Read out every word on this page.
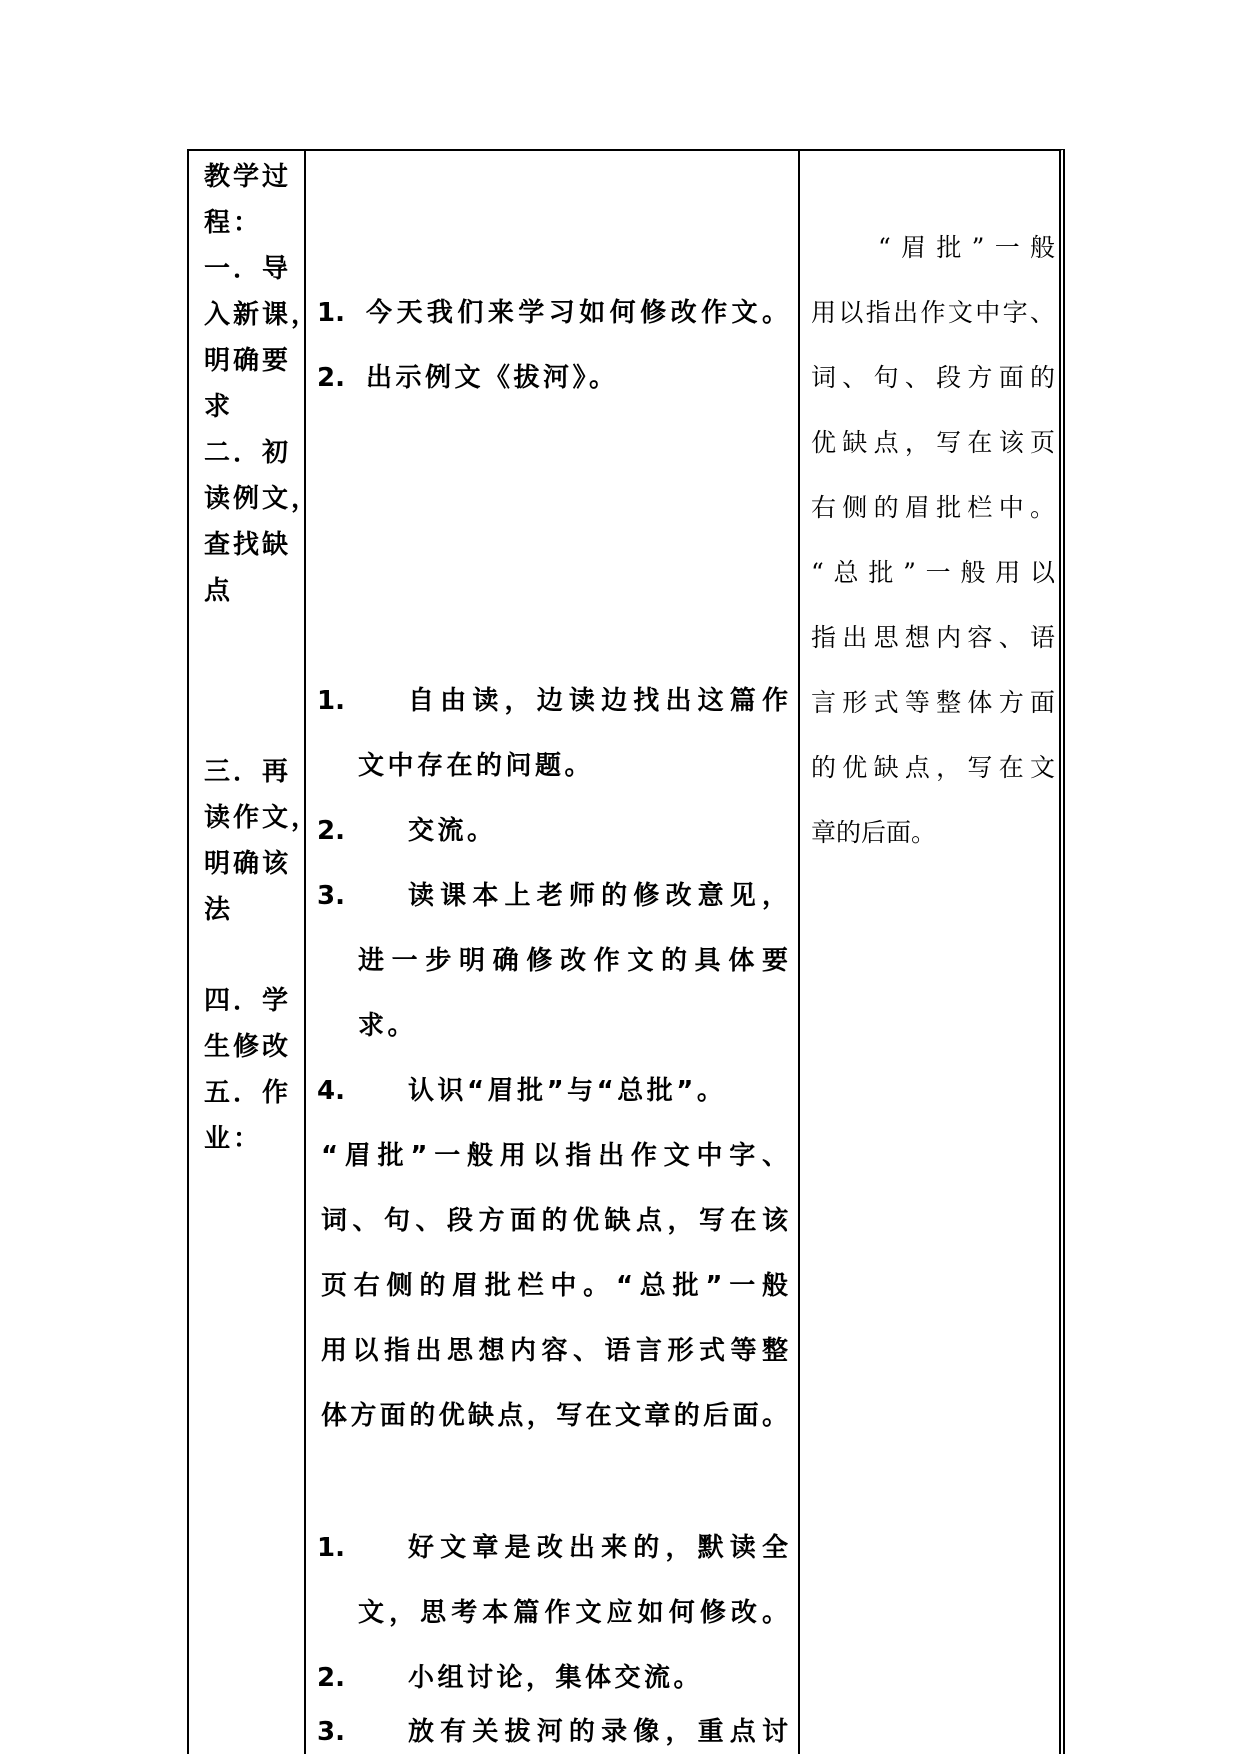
教学过
程：
一．导
入新课，
明确要
求
二．初
读例文，
查找缺
点
三．再
读作文，
明确该
法
四．学
生修改
五．作
业：
1. 今天我们来学习如何修改作文。
2. 出示例文《拔河》。
1. 自由读，边读边找出这篇作
文中存在的问题。
2. 交流。
3. 读课本上老师的修改意见，
进一步明确修改作文的具体要
求。
4. 认识“眉批”与“总批”。
“眉批”一般用以指出作文中字、
词、句、段方面的优缺点，写在该
页右侧的眉批栏中。“总批”一般
用以指出思想内容、语言形式等整
体方面的优缺点，写在文章的后面。
1. 好文章是改出来的，默读全
文，思考本篇作文应如何修改。
2. 小组讨论，集体交流。
3. 放有关拔河的录像，重点讨
“眉批”一般
用以指出作文中字、
词、句、段方面的
优缺点，写在该页
右侧的眉批栏中。
“总批”一般用以
指出思想内容、语
言形式等整体方面
的优缺点，写在文
章的后面。
